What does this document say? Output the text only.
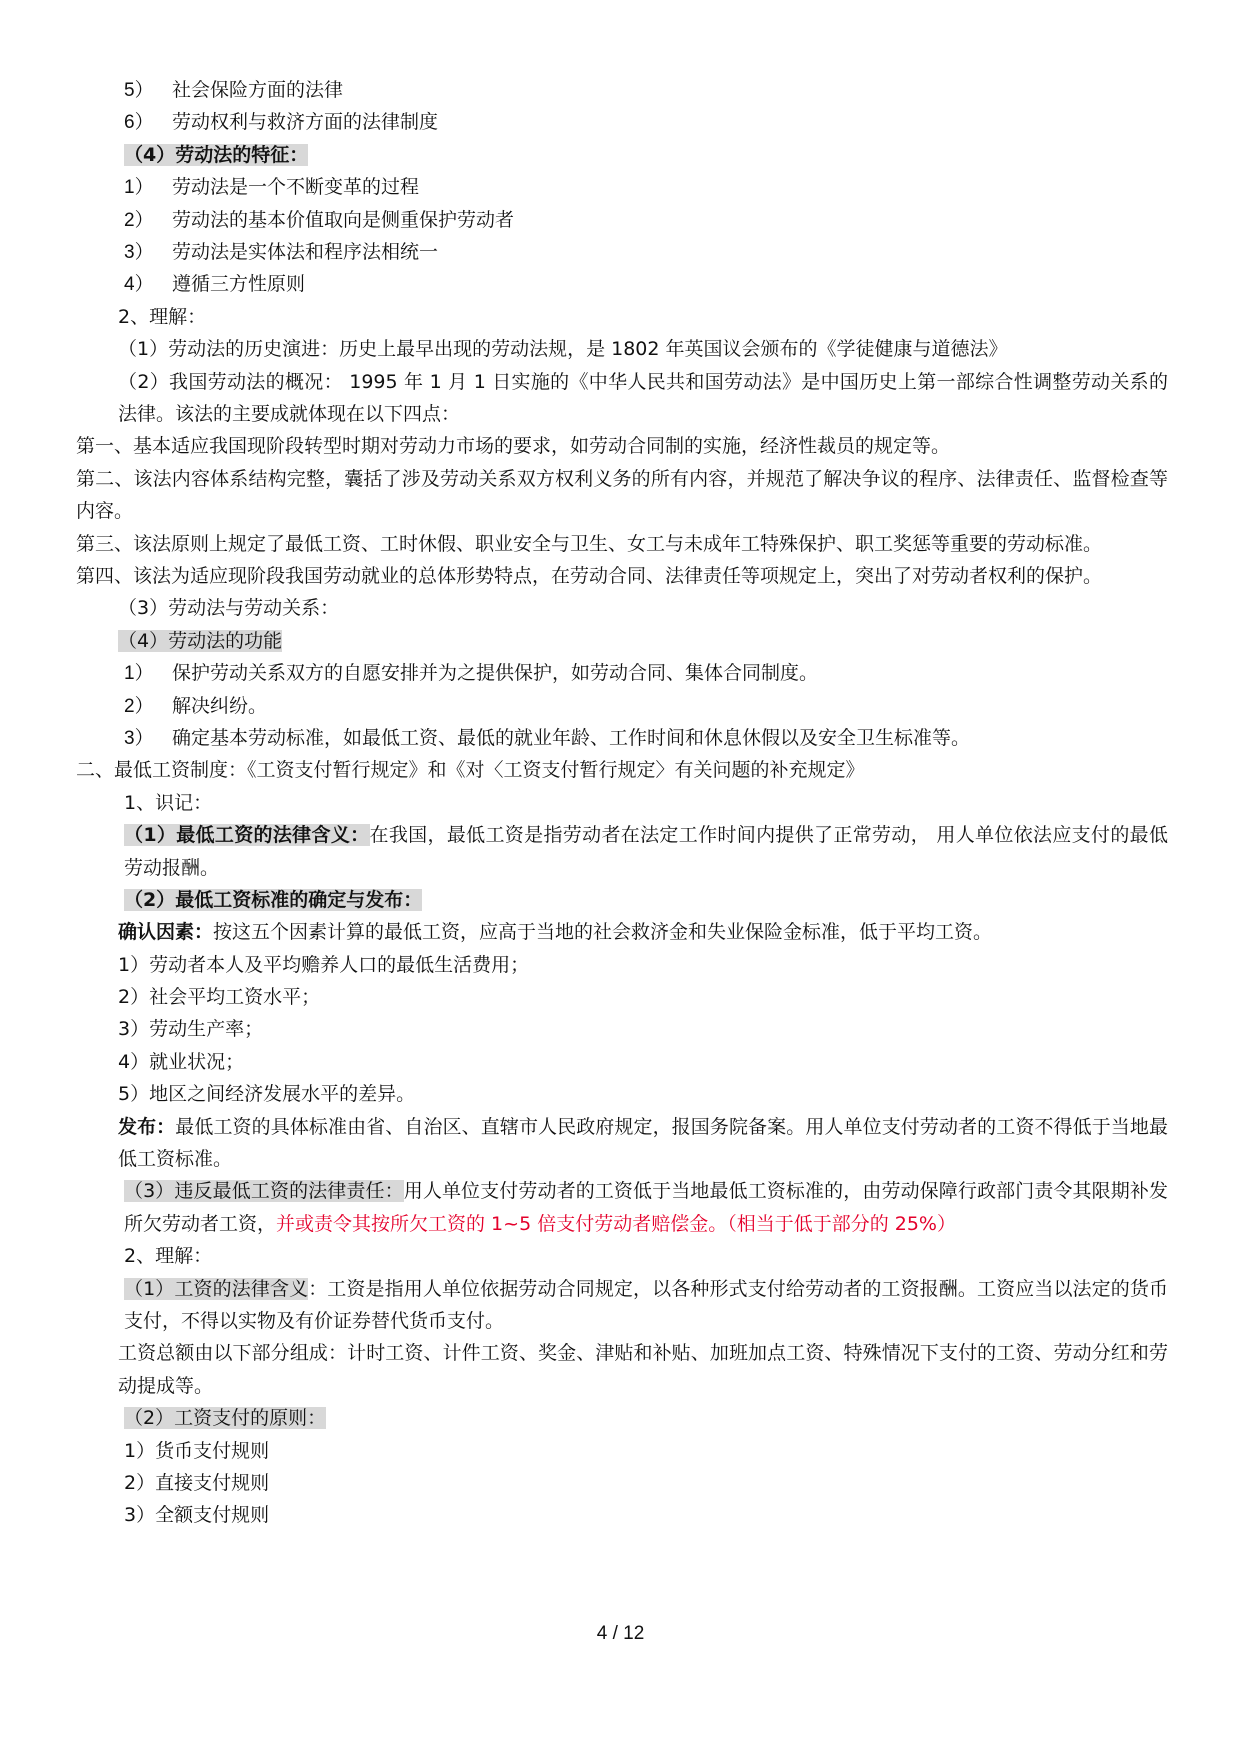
5） 社会保险方面的法律
6） 劳动权利与救济方面的法律制度
（4）劳动法的特征：
1） 劳动法是一个不断变革的过程
2） 劳动法的基本价值取向是侧重保护劳动者
3） 劳动法是实体法和程序法相统一
4） 遵循三方性原则
2、理解：
（1）劳动法的历史演进：历史上最早出现的劳动法规，是 1802 年英国议会颁布的《学徒健康与道德法》
（2）我国劳动法的概况： 1995 年 1 月 1 日实施的《中华人民共和国劳动法》是中国历史上第一部综合性调整劳动关系的法律。该法的主要成就体现在以下四点：
第一、基本适应我国现阶段转型时期对劳动力市场的要求，如劳动合同制的实施，经济性裁员的规定等。
第二、该法内容体系结构完整，囊括了涉及劳动关系双方权利义务的所有内容，并规范了解决争议的程序、法律责任、监督检查等内容。
第三、该法原则上规定了最低工资、工时休假、职业安全与卫生、女工与未成年工特殊保护、职工奖惩等重要的劳动标准。
第四、该法为适应现阶段我国劳动就业的总体形势特点，在劳动合同、法律责任等项规定上，突出了对劳动者权利的保护。
（3）劳动法与劳动关系：
（4）劳动法的功能
1） 保护劳动关系双方的自愿安排并为之提供保护，如劳动合同、集体合同制度。
2） 解决纠纷。
3） 确定基本劳动标准，如最低工资、最低的就业年龄、工作时间和休息休假以及安全卫生标准等。
二、最低工资制度：《工资支付暂行规定》和《对〈工资支付暂行规定〉有关问题的补充规定》
1、识记：
（1）最低工资的法律含义：在我国，最低工资是指劳动者在法定工作时间内提供了正常劳动， 用人单位依法应支付的最低劳动报酬。
（2）最低工资标准的确定与发布：
确认因素：按这五个因素计算的最低工资，应高于当地的社会救济金和失业保险金标准，低于平均工资。
1）劳动者本人及平均赡养人口的最低生活费用；
2）社会平均工资水平；
3）劳动生产率；
4）就业状况；
5）地区之间经济发展水平的差异。
发布：最低工资的具体标准由省、自治区、直辖市人民政府规定，报国务院备案。用人单位支付劳动者的工资不得低于当地最低工资标准。
（3）违反最低工资的法律责任：用人单位支付劳动者的工资低于当地最低工资标准的，由劳动保障行政部门责令其限期补发所欠劳动者工资，并或责令其按所欠工资的 1~5 倍支付劳动者赔偿金。（相当于低于部分的 25%）
2、理解：
（1）工资的法律含义：工资是指用人单位依据劳动合同规定，以各种形式支付给劳动者的工资报酬。工资应当以法定的货币支付，不得以实物及有价证券替代货币支付。
工资总额由以下部分组成：计时工资、计件工资、奖金、津贴和补贴、加班加点工资、特殊情况下支付的工资、劳动分红和劳动提成等。
（2）工资支付的原则：
1）货币支付规则
2）直接支付规则
3）全额支付规则
4 / 12
